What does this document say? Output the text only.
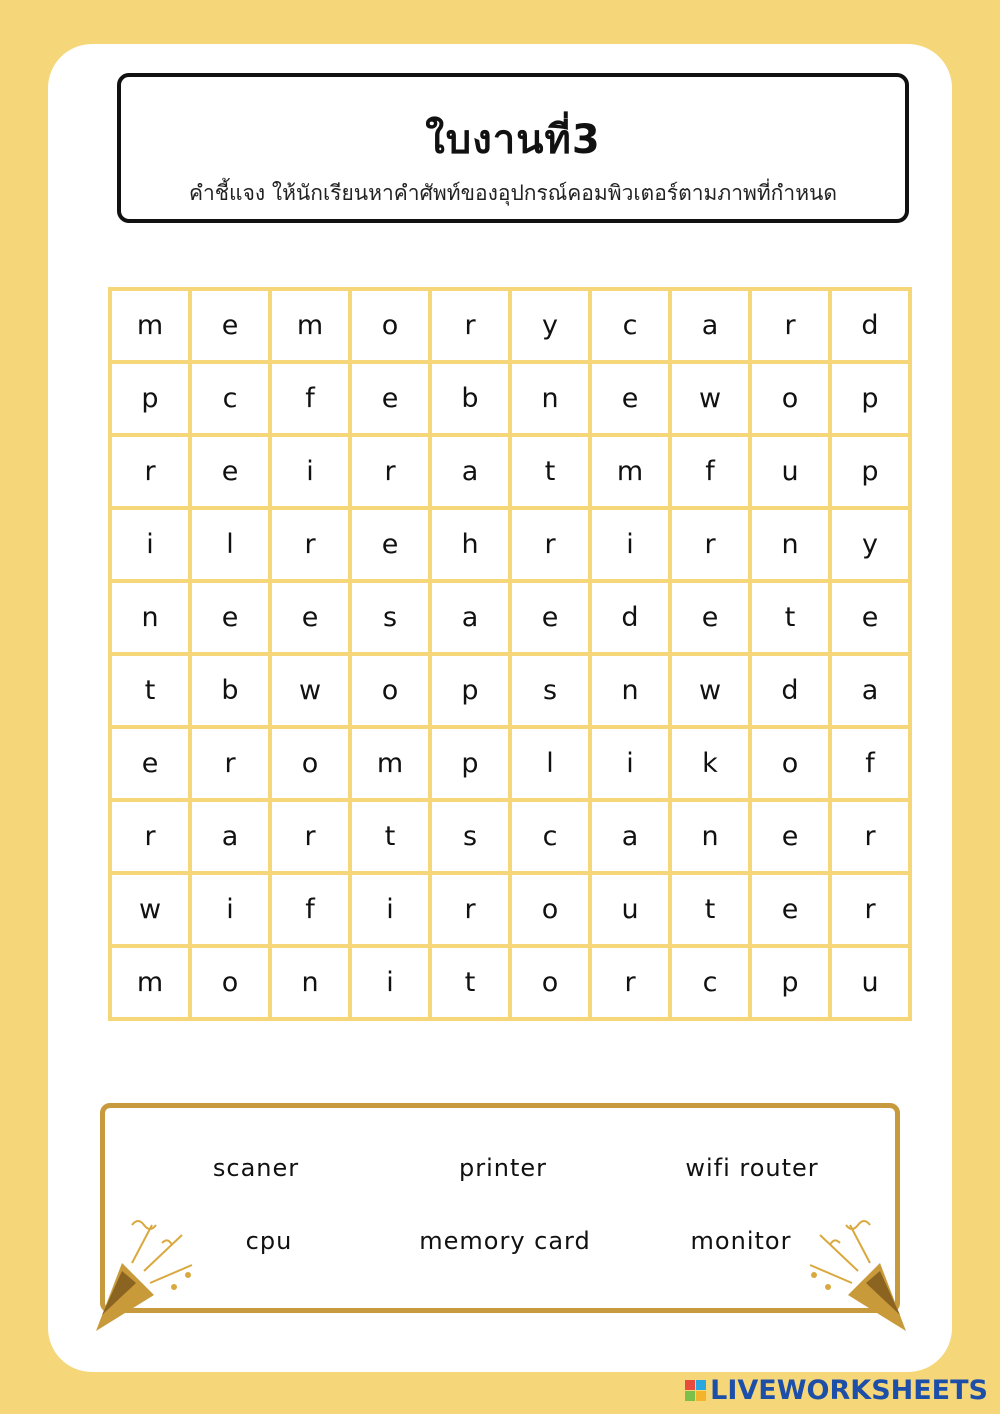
ใบงานที่3
คำชี้แจง ให้นักเรียนหาคำศัพท์ของอุปกรณ์คอมพิวเตอร์ตามภาพที่กำหนด
m	e	m	o	r	y	c	a	r	d
p	c	f	e	b	n	e	w	o	p
r	e	i	r	a	t	m	f	u	p
i	l	r	e	h	r	i	r	n	y
n	e	e	s	a	e	d	e	t	e
t	b	w	o	p	s	n	w	d	a
e	r	o	m	p	l	i	k	o	f
r	a	r	t	s	c	a	n	e	r
w	i	f	i	r	o	u	t	e	r
m	o	n	i	t	o	r	c	p	u
scaner	printer	wifi router
cpu	memory card	monitor
LIVEWORKSHEETS
